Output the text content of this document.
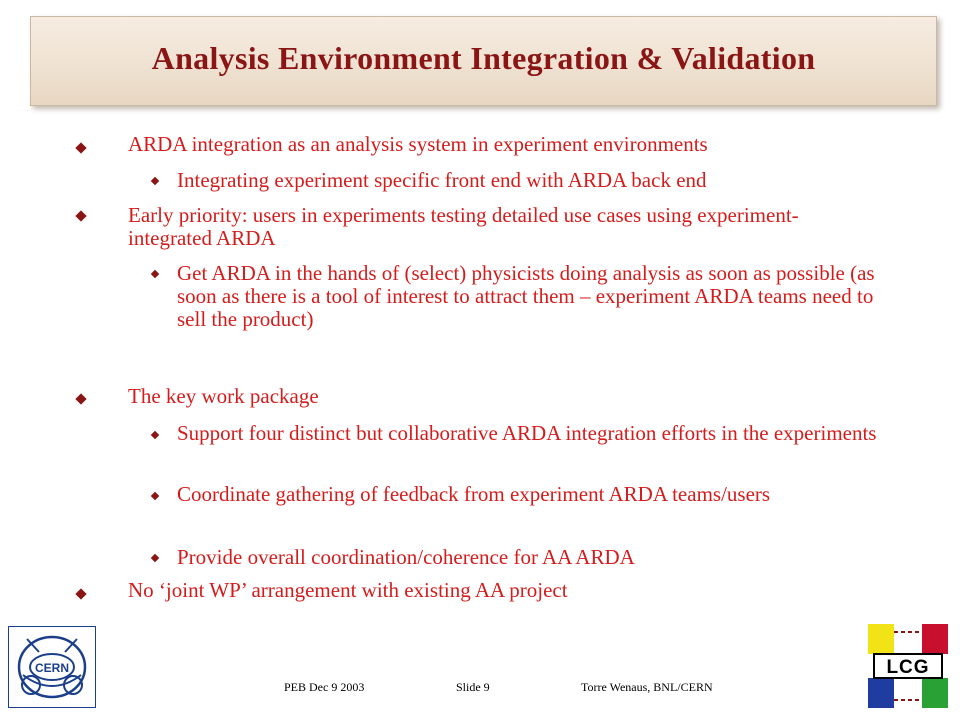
Analysis Environment Integration & Validation
ARDA integration as an analysis system in experiment environments
Integrating experiment specific front end with ARDA back end
Early priority: users in experiments testing detailed use cases using experiment-integrated ARDA
Get ARDA in the hands of (select) physicists doing analysis as soon as possible (as soon as there is a tool of interest to attract them – experiment ARDA teams need to sell the product)
The key work package
Support four distinct but collaborative ARDA integration efforts in the experiments
Coordinate gathering of feedback from experiment ARDA teams/users
Provide overall coordination/coherence for AA ARDA
No ‘joint WP’ arrangement with existing AA project
CERN
PEB Dec 9 2003	Slide 9	Torre Wenaus, BNL/CERN
LCG
